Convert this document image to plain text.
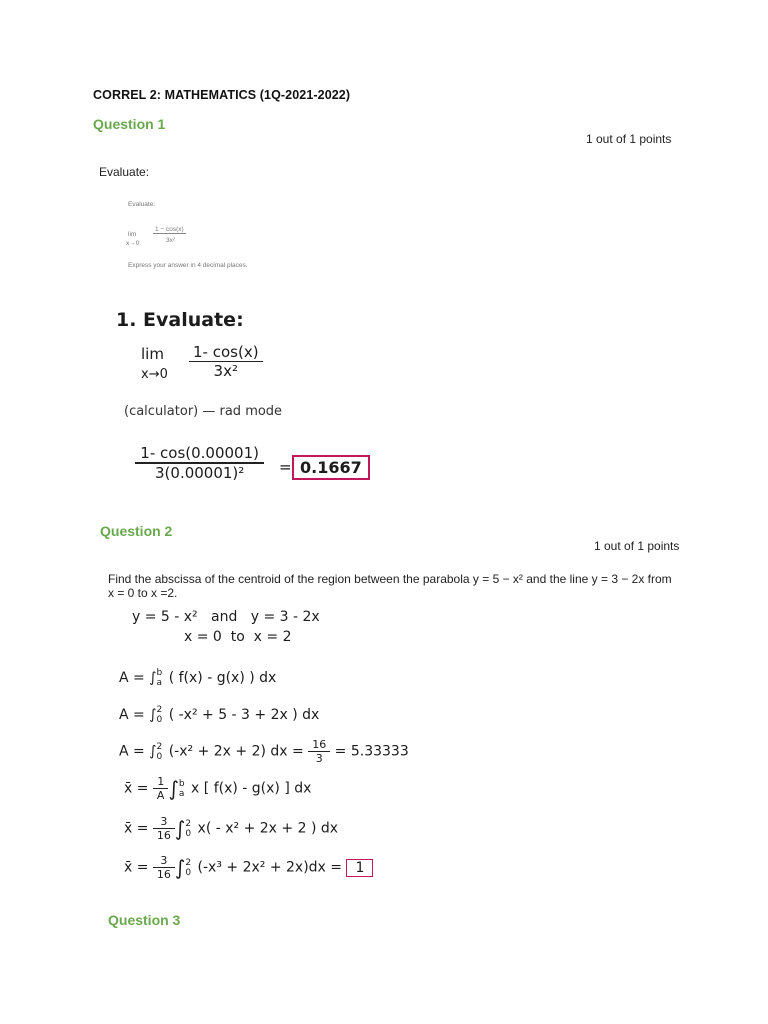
CORREL 2: MATHEMATICS (1Q-2021-2022)
Question 1
1 out of 1 points
Evaluate:
Evaluate:
lim
x→0
1 − cos(x)
3x²
Express your answer in 4 decimal places.
1. Evaluate:
lim
$x\to 0 \frac{1- \cos(x)}{\text{3x²}}$
(calculator) — rad mode
$\frac{1- \cos(0.00001)}{\text{3(0.00001)²}} = 0.1667$
Question 2
1 out of 1 points
Find the abscissa of the centroid of the region between the parabola y = 5 − x² and the line y = 3 − 2x from x = 0 to x =2.
y = 5 - x²   and   y = 3 - 2x
x = 0  to  x = 2
A = ∫ b
a ( f(x) - g(x) ) dx
A = ∫ 2
0 ( -x² + 5 - 3 + 2x ) dx
A = ∫ 2
0 (-x² + 2x + 2) dx = $\frac{16}{3} = 5.33333$
x̄ = $\frac{1}{A}$ ∫ b
a x [ f(x) - g(x) ] dx
x̄ = $\frac{3}{16}$ ∫ 2
0 x( - x² + 2x + 2 ) dx
x̄ = $\frac{3}{16}$ ∫ 2
0 (-x³ + 2x² + 2x)dx = 1
Question 3
